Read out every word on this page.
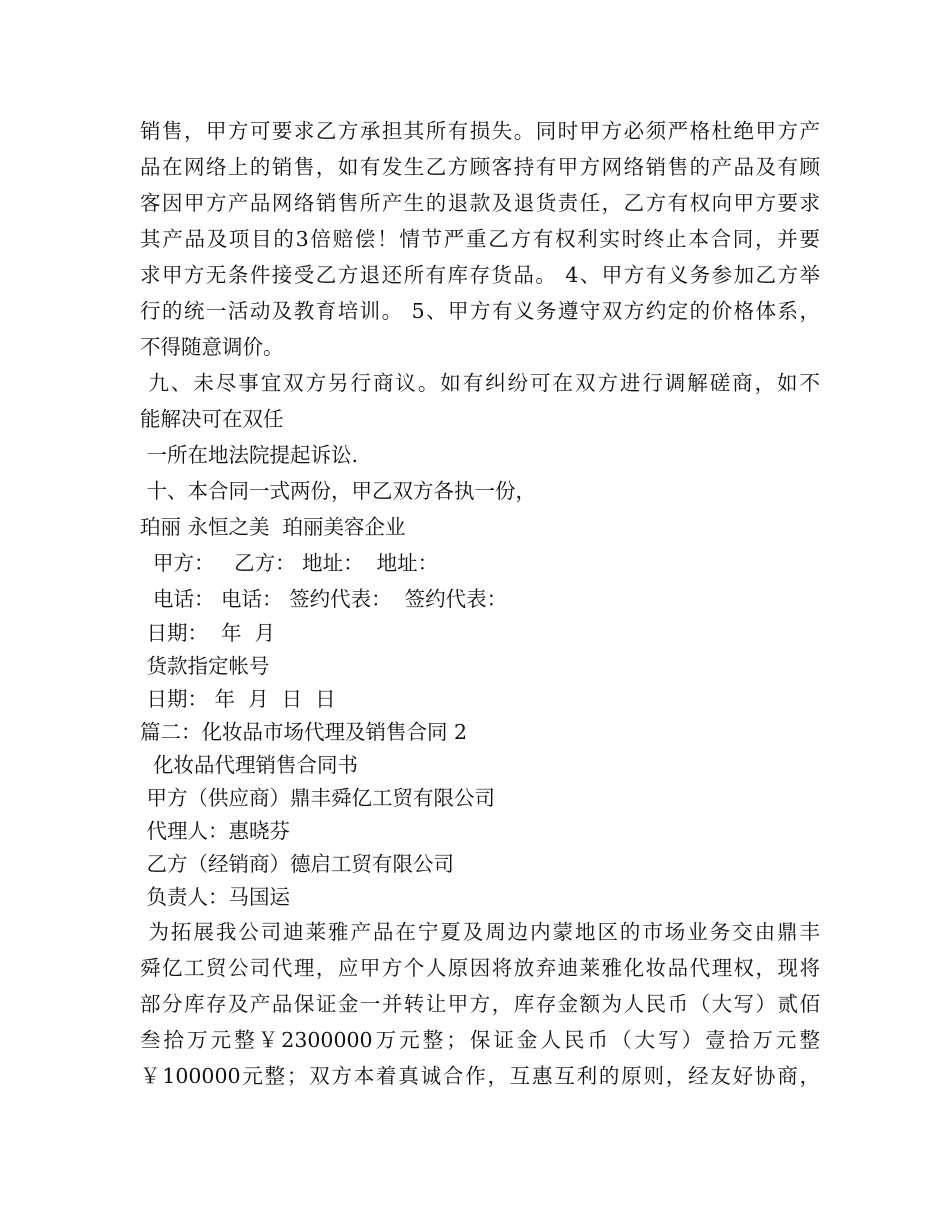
销售，甲方可要求乙方承担其所有损失。同时甲方必须严格杜绝甲方产
品在网络上的销售，如有发生乙方顾客持有甲方网络销售的产品及有顾
客因甲方产品网络销售所产生的退款及退货责任，乙方有权向甲方要求
其产品及项目的3倍赔偿！情节严重乙方有权利实时终止本合同，并要
求甲方无条件接受乙方退还所有库存货品。 4、甲方有义务参加乙方举
行的统一活动及教育培训。 5、甲方有义务遵守双方约定的价格体系，
不得随意调价。
九、未尽事宜双方另行商议。如有纠纷可在双方进行调解磋商，如不
能解决可在双任
一所在地法院提起诉讼.
十、本合同一式两份，甲乙双方各执一份，
珀丽 永恒之美  珀丽美容企业
甲方：   乙方： 地址：  地址：
电话： 电话： 签约代表：  签约代表：
日期：  年  月
货款指定帐号
日期： 年  月  日  日
篇二：化妆品市场代理及销售合同 2
化妆品代理销售合同书
甲方（供应商）鼎丰舜亿工贸有限公司
代理人：惠晓芬
乙方（经销商）德启工贸有限公司
负责人：马国运
为拓展我公司迪莱雅产品在宁夏及周边内蒙地区的市场业务交由鼎丰
舜亿工贸公司代理，应甲方个人原因将放弃迪莱雅化妆品代理权，现将
部分库存及产品保证金一并转让甲方，库存金额为人民币（大写）贰佰
叁拾万元整￥2300000万元整；保证金人民币（大写）壹拾万元整
￥100000元整；双方本着真诚合作，互惠互利的原则，经友好协商，
